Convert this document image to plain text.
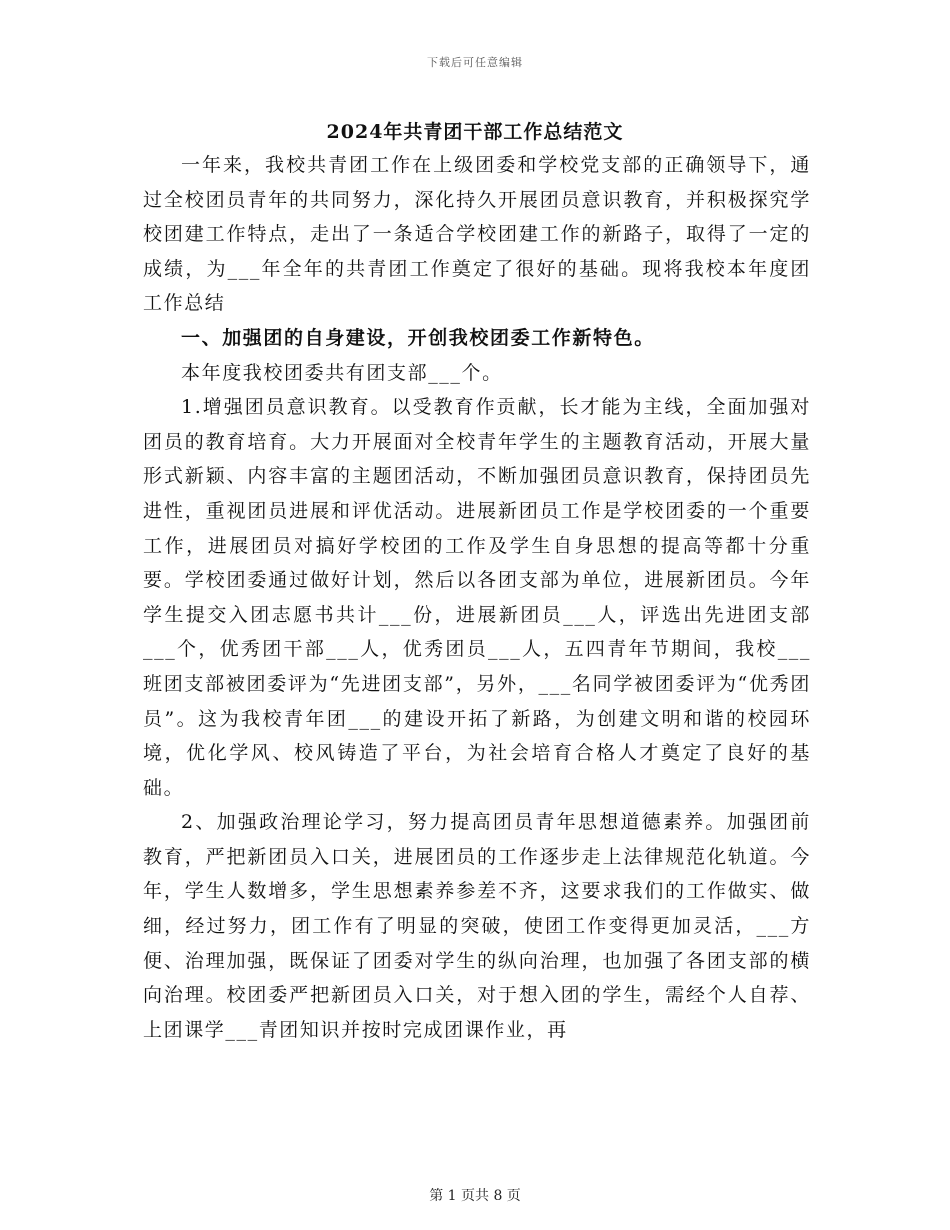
下载后可任意编辑
2024年共青团干部工作总结范文

一年来，我校共青团工作在上级团委和学校党支部的正确领导下，通过全校团员青年的共同努力，深化持久开展团员意识教育，并积极探究学校团建工作特点，走出了一条适合学校团建工作的新路子，取得了一定的成绩，为___年全年的共青团工作奠定了很好的基础。现将我校本年度团工作总结

一、加强团的自身建设，开创我校团委工作新特色。

本年度我校团委共有团支部___个。

1.增强团员意识教育。以受教育作贡献，长才能为主线，全面加强对团员的教育培育。大力开展面对全校青年学生的主题教育活动，开展大量形式新颖、内容丰富的主题团活动，不断加强团员意识教育，保持团员先进性，重视团员进展和评优活动。进展新团员工作是学校团委的一个重要工作，进展团员对搞好学校团的工作及学生自身思想的提高等都十分重要。学校团委通过做好计划，然后以各团支部为单位，进展新团员。今年学生提交入团志愿书共计___份，进展新团员___人，评选出先进团支部___个，优秀团干部___人，优秀团员___人，五四青年节期间，我校___班团支部被团委评为“先进团支部”，另外，___名同学被团委评为“优秀团员”。这为我校青年团___的建设开拓了新路，为创建文明和谐的校园环境，优化学风、校风铸造了平台，为社会培育合格人才奠定了良好的基础。

2、加强政治理论学习，努力提高团员青年思想道德素养。加强团前教育，严把新团员入口关，进展团员的工作逐步走上法律规范化轨道。今年，学生人数增多，学生思想素养参差不齐，这要求我们的工作做实、做细，经过努力，团工作有了明显的突破，使团工作变得更加灵活，___方便、治理加强，既保证了团委对学生的纵向治理，也加强了各团支部的横向治理。校团委严把新团员入口关，对于想入团的学生，需经个人自荐、上团课学___青团知识并按时完成团课作业，再

第 1 页共 8 页
